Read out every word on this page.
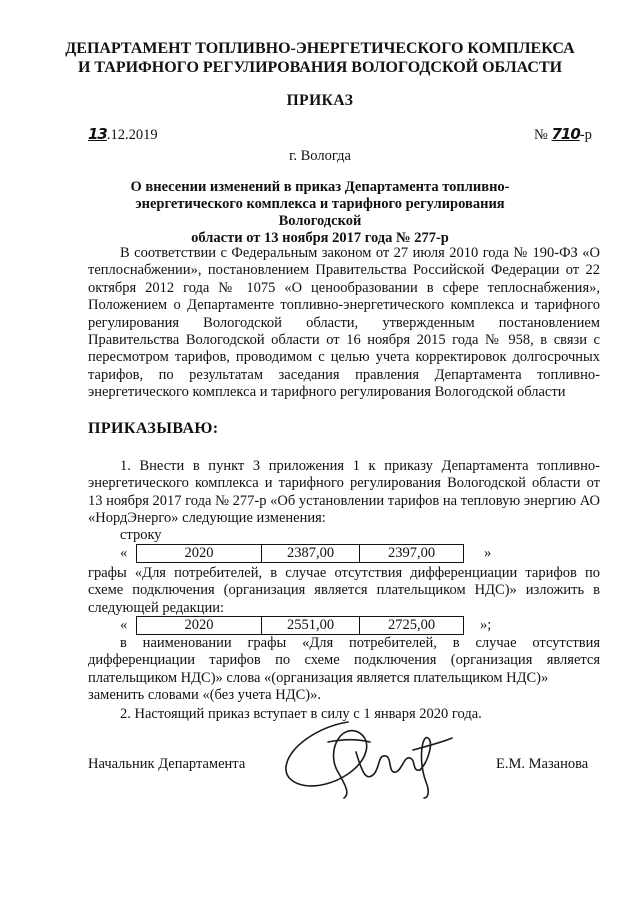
ДЕПАРТАМЕНТ ТОПЛИВНО-ЭНЕРГЕТИЧЕСКОГО КОМПЛЕКСА
И ТАРИФНОГО РЕГУЛИРОВАНИЯ ВОЛОГОДСКОЙ ОБЛАСТИ
ПРИКАЗ
13.12.2019	№ 710-р
г. Вологда
О внесении изменений в приказ Департамента топливно-
энергетического комплекса и тарифного регулирования Вологодской
области от 13 ноября 2017 года № 277-р
В соответствии с Федеральным законом от 27 июля 2010 года № 190-ФЗ «О теплоснабжении», постановлением Правительства Российской Федерации от 22 октября 2012 года № 1075 «О ценообразовании в сфере теплоснабжения», Положением о Департаменте топливно-энергетического комплекса и тарифного регулирования Вологодской области, утвержденным постановлением Правительства Вологодской области от 16 ноября 2015 года № 958, в связи с пересмотром тарифов, проводимом с целью учета корректировок долгосрочных тарифов, по результатам заседания правления Департамента топливно-энергетического комплекса и тарифного регулирования Вологодской области
ПРИКАЗЫВАЮ:
1. Внести в пункт 3 приложения 1 к приказу Департамента топливно-энергетического комплекса и тарифного регулирования Вологодской области от 13 ноября 2017 года № 277-р «Об установлении тарифов на тепловую энергию АО «НордЭнерго» следующие изменения:
строку
«	2020	2387,00	2397,00	»
графы «Для потребителей, в случае отсутствия дифференциации тарифов по схеме подключения (организация является плательщиком НДС)» изложить в следующей редакции:
«	2020	2551,00	2725,00	»;
в наименовании графы «Для потребителей, в случае отсутствия дифференциации тарифов по схеме подключения (организация является плательщиком НДС)» слова «(организация является плательщиком НДС)»
заменить словами «(без учета НДС)».
2. Настоящий приказ вступает в силу с 1 января 2020 года.
Начальник Департамента	Е.М. Мазанова
